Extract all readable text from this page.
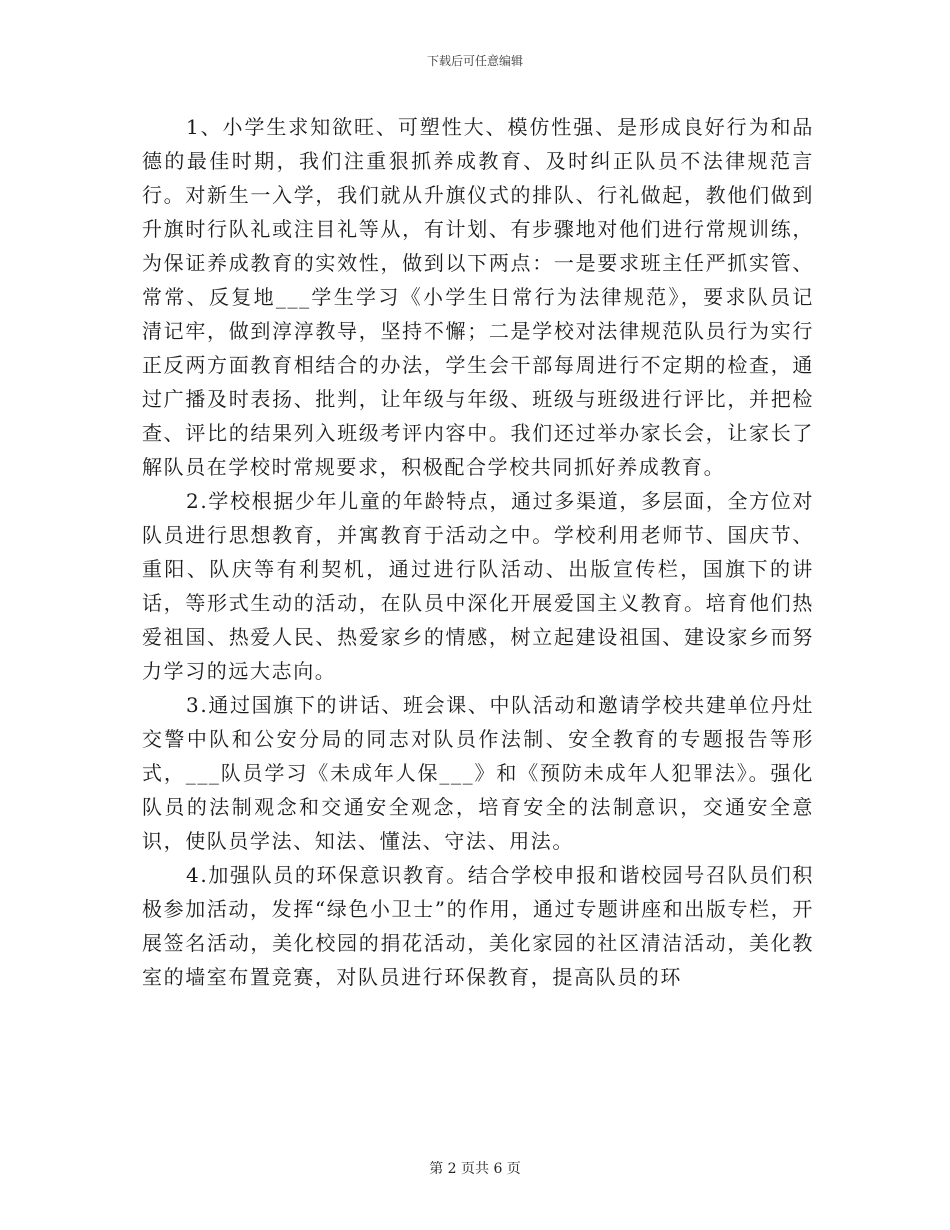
下载后可任意编辑

1、小学生求知欲旺、可塑性大、模仿性强、是形成良好行为和品德的最佳时期，我们注重狠抓养成教育、及时纠正队员不法律规范言行。对新生一入学，我们就从升旗仪式的排队、行礼做起，教他们做到升旗时行队礼或注目礼等从，有计划、有步骤地对他们进行常规训练，为保证养成教育的实效性，做到以下两点：一是要求班主任严抓实管、常常、反复地___学生学习《小学生日常行为法律规范》，要求队员记清记牢，做到淳淳教导，坚持不懈；二是学校对法律规范队员行为实行正反两方面教育相结合的办法，学生会干部每周进行不定期的检查，通过广播及时表扬、批判，让年级与年级、班级与班级进行评比，并把检查、评比的结果列入班级考评内容中。我们还过举办家长会，让家长了解队员在学校时常规要求，积极配合学校共同抓好养成教育。

2.学校根据少年儿童的年龄特点，通过多渠道，多层面，全方位对队员进行思想教育，并寓教育于活动之中。学校利用老师节、国庆节、重阳、队庆等有利契机，通过进行队活动、出版宣传栏，国旗下的讲话，等形式生动的活动，在队员中深化开展爱国主义教育。培育他们热爱祖国、热爱人民、热爱家乡的情感，树立起建设祖国、建设家乡而努力学习的远大志向。

3.通过国旗下的讲话、班会课、中队活动和邀请学校共建单位丹灶交警中队和公安分局的同志对队员作法制、安全教育的专题报告等形式，___队员学习《未成年人保___》和《预防未成年人犯罪法》。强化队员的法制观念和交通安全观念，培育安全的法制意识，交通安全意识，使队员学法、知法、懂法、守法、用法。

4.加强队员的环保意识教育。结合学校申报和谐校园号召队员们积极参加活动，发挥“绿色小卫士”的作用，通过专题讲座和出版专栏，开展签名活动，美化校园的捐花活动，美化家园的社区清洁活动，美化教室的墙室布置竞赛，对队员进行环保教育，提高队员的环

第 2 页共 6 页
